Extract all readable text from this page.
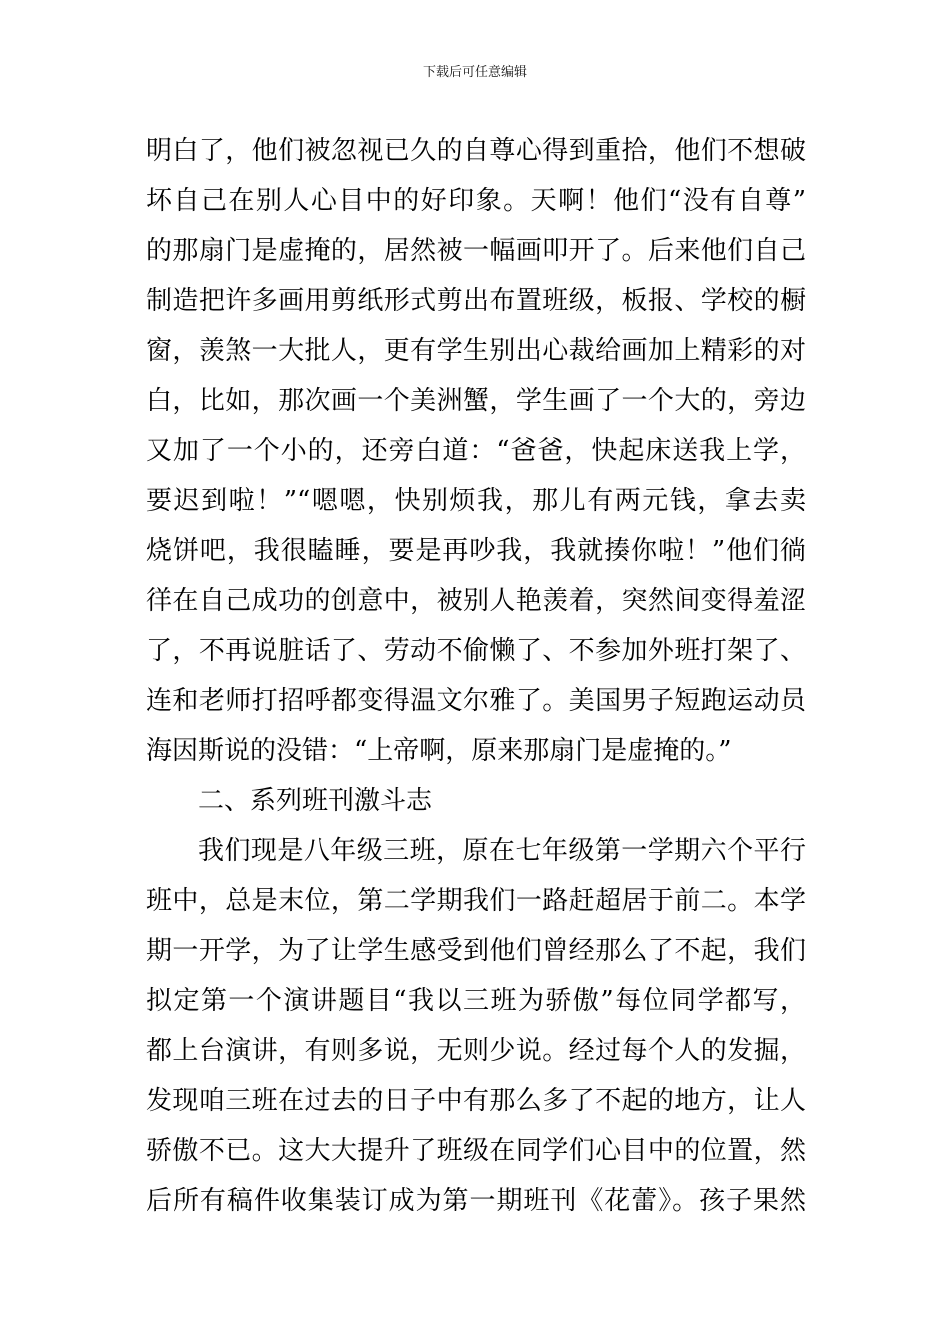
下载后可任意编辑
明白了，他们被忽视已久的自尊心得到重拾，他们不想破
坏自己在别人心目中的好印象。天啊！他们“没有自尊”
的那扇门是虚掩的，居然被一幅画叩开了。后来他们自己
制造把许多画用剪纸形式剪出布置班级，板报、学校的橱
窗，羡煞一大批人，更有学生别出心裁给画加上精彩的对
白，比如，那次画一个美洲蟹，学生画了一个大的，旁边
又加了一个小的，还旁白道：“爸爸，快起床送我上学，
要迟到啦！”“嗯嗯，快别烦我，那儿有两元钱，拿去卖
烧饼吧，我很瞌睡，要是再吵我，我就揍你啦！”他们徜
徉在自己成功的创意中，被别人艳羡着，突然间变得羞涩
了，不再说脏话了、劳动不偷懒了、不参加外班打架了、
连和老师打招呼都变得温文尔雅了。美国男子短跑运动员
海因斯说的没错：“上帝啊，原来那扇门是虚掩的。”
二、系列班刊激斗志
我们现是八年级三班，原在七年级第一学期六个平行
班中，总是末位，第二学期我们一路赶超居于前二。本学
期一开学，为了让学生感受到他们曾经那么了不起，我们
拟定第一个演讲题目“我以三班为骄傲”每位同学都写，
都上台演讲，有则多说，无则少说。经过每个人的发掘，
发现咱三班在过去的日子中有那么多了不起的地方，让人
骄傲不已。这大大提升了班级在同学们心目中的位置，然
后所有稿件收集装订成为第一期班刊《花蕾》。孩子果然
